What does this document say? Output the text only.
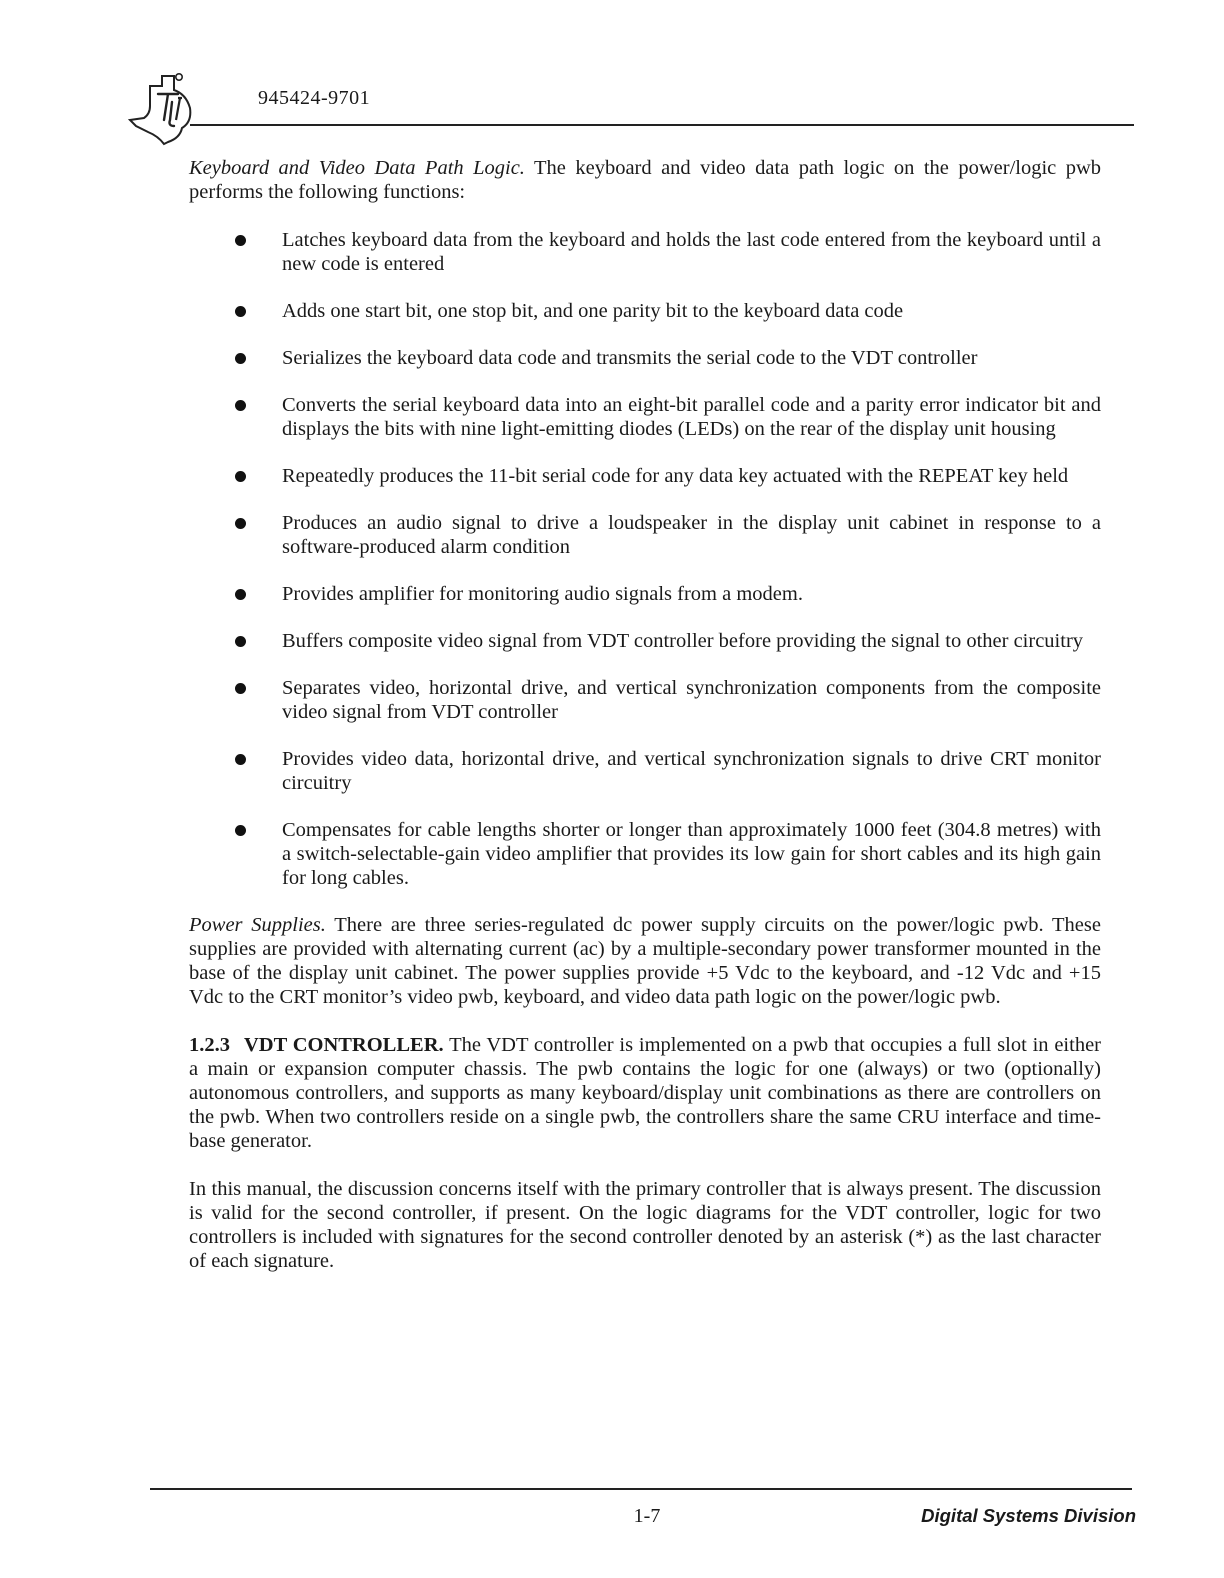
945424-9701

Keyboard and Video Data Path Logic. The keyboard and video data path logic on the power/logic pwb performs the following functions:

Latches keyboard data from the keyboard and holds the last code entered from the keyboard until a new code is entered
Adds one start bit, one stop bit, and one parity bit to the keyboard data code
Serializes the keyboard data code and transmits the serial code to the VDT controller
Converts the serial keyboard data into an eight-bit parallel code and a parity error indicator bit and displays the bits with nine light-emitting diodes (LEDs) on the rear of the display unit housing
Repeatedly produces the 11-bit serial code for any data key actuated with the REPEAT key held
Produces an audio signal to drive a loudspeaker in the display unit cabinet in response to a software-produced alarm condition
Provides amplifier for monitoring audio signals from a modem.
Buffers composite video signal from VDT controller before providing the signal to other circuitry
Separates video, horizontal drive, and vertical synchronization components from the composite video signal from VDT controller
Provides video data, horizontal drive, and vertical synchronization signals to drive CRT monitor circuitry
Compensates for cable lengths shorter or longer than approximately 1000 feet (304.8 metres) with a switch-selectable-gain video amplifier that provides its low gain for short cables and its high gain for long cables.

Power Supplies. There are three series-regulated dc power supply circuits on the power/logic pwb. These supplies are provided with alternating current (ac) by a multiple-secondary power transformer mounted in the base of the display unit cabinet. The power supplies provide +5 Vdc to the keyboard, and -12 Vdc and +15 Vdc to the CRT monitor’s video pwb, keyboard, and video data path logic on the power/logic pwb.

1.2.3 VDT CONTROLLER. The VDT controller is implemented on a pwb that occupies a full slot in either a main or expansion computer chassis. The pwb contains the logic for one (always) or two (optionally) autonomous controllers, and supports as many keyboard/display unit combinations as there are controllers on the pwb. When two controllers reside on a single pwb, the controllers share the same CRU interface and time-base generator.

In this manual, the discussion concerns itself with the primary controller that is always present. The discussion is valid for the second controller, if present. On the logic diagrams for the VDT controller, logic for two controllers is included with signatures for the second controller denoted by an asterisk (*) as the last character of each signature.

1-7	Digital Systems Division
